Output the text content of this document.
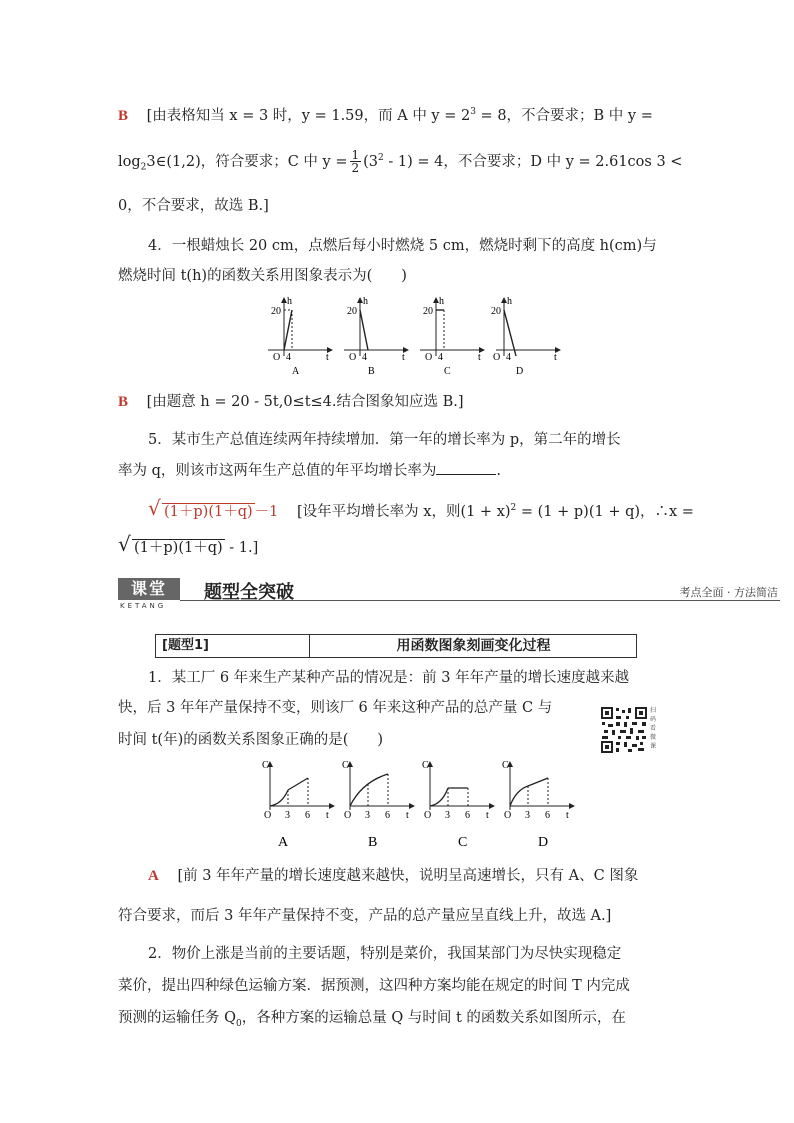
B [由表格知当 x = 3 时，y = 1.59，而 A 中 $y = 2^3 = 8$，不合要求；B 中 y =
$\log_23\in(1,2)$，符合要求；C 中 $y = \frac{1}{2} (3^2 - 1) = 4$，不合要求；D 中 y = 2.61cos 3 <
0，不合要求，故选 B.]
4．一根蜡烛长 20 cm，点燃后每小时燃烧 5 cm，燃烧时剩下的高度 h(cm)与
燃烧时间 t(h)的函数关系用图象表示为(　　)
20
O 4	t
h
A
20
O 4	t
h
B
20
O 4	t
h
C
20
O 4	t
h
D
B [由题意 h = 20 - 5t,0≤t≤4.结合图象知应选 B.]
5．某市生产总值连续两年持续增加．第一年的增长率为 p，第二年的增长
率为 q，则该市这两年生产总值的年平均增长率为	.
√ (1＋p)(1＋q) －1 [设年平均增长率为 x，则$(1 + x)^2 = (1 + p)(1 + q)$，∴x =
√ (1＋p)(1＋q) - 1.]
课堂
KETANG
题型全突破	考点全面 · 方法简洁
[题型1]	用函数图象刻画变化过程
1．某工厂 6 年来生产某种产品的情况是：前 3 年年产量的增长速度越来越
快，后 3 年年产量保持不变，则该厂 6 年来这种产品的总产量 C 与
时间 t(年)的函数关系图象正确的是(　　)
扫码看微课
C
O 3 6 t
A
C
O 3 6 t
B
C
O 3 6 t
C
C
O 3 6 t
D
A [前 3 年年产量的增长速度越来越快，说明呈高速增长，只有 A、C 图象
符合要求，而后 3 年年产量保持不变，产品的总产量应呈直线上升，故选 A.]
2．物价上涨是当前的主要话题，特别是菜价，我国某部门为尽快实现稳定
菜价，提出四种绿色运输方案．据预测，这四种方案均能在规定的时间 T 内完成
预测的运输任务 $Q_0$，各种方案的运输总量 Q 与时间 t 的函数关系如图所示，在
